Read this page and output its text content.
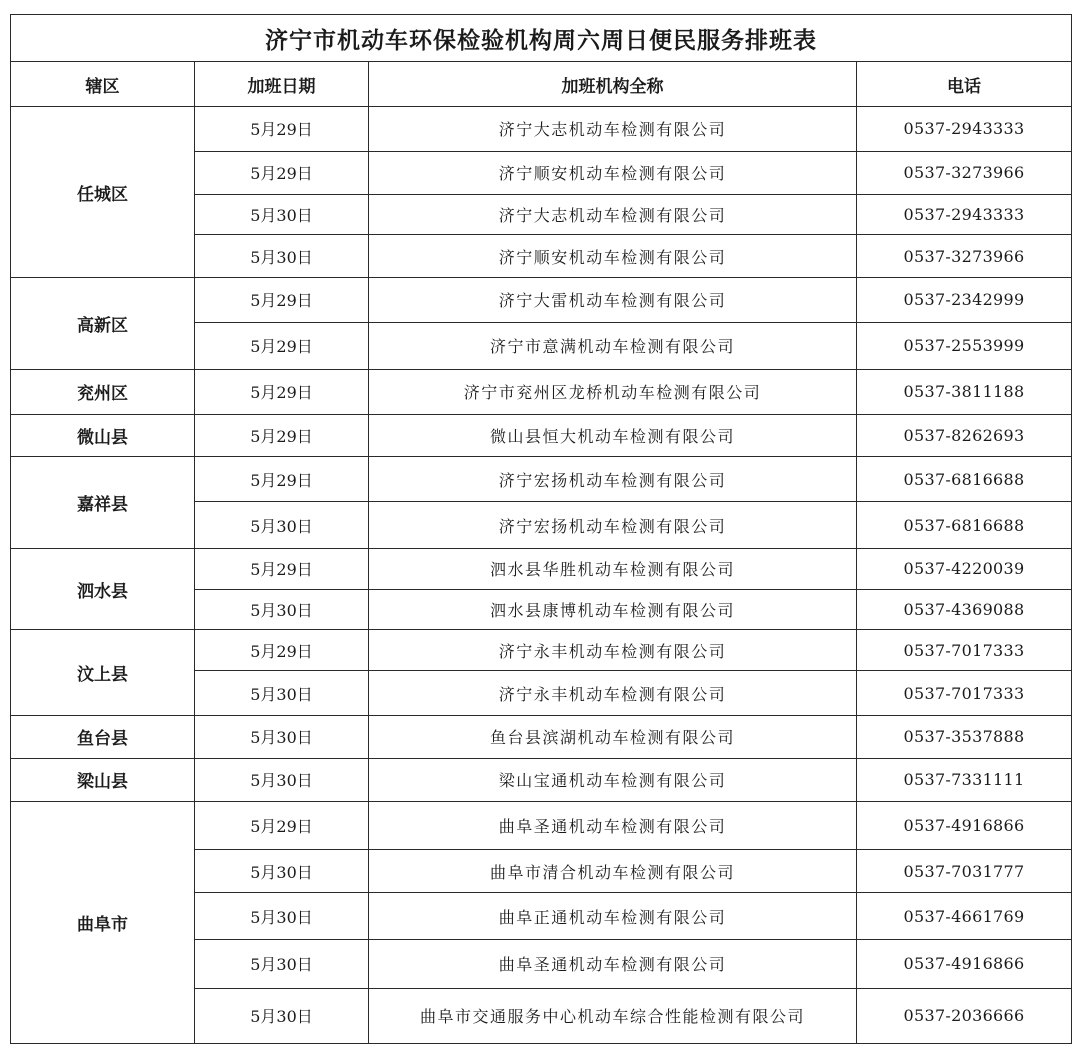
济宁市机动车环保检验机构周六周日便民服务排班表			
辖区	加班日期	加班机构全称	电话
任城区	5月29日	济宁大志机动车检测有限公司	0537-2943333
	5月29日	济宁顺安机动车检测有限公司	0537-3273966
	5月30日	济宁大志机动车检测有限公司	0537-2943333
	5月30日	济宁顺安机动车检测有限公司	0537-3273966
高新区	5月29日	济宁大雷机动车检测有限公司	0537-2342999
	5月29日	济宁市意满机动车检测有限公司	0537-2553999
兖州区	5月29日	济宁市兖州区龙桥机动车检测有限公司	0537-3811188
微山县	5月29日	微山县恒大机动车检测有限公司	0537-8262693
嘉祥县	5月29日	济宁宏扬机动车检测有限公司	0537-6816688
	5月30日	济宁宏扬机动车检测有限公司	0537-6816688
泗水县	5月29日	泗水县华胜机动车检测有限公司	0537-4220039
	5月30日	泗水县康博机动车检测有限公司	0537-4369088
汶上县	5月29日	济宁永丰机动车检测有限公司	0537-7017333
	5月30日	济宁永丰机动车检测有限公司	0537-7017333
鱼台县	5月30日	鱼台县滨湖机动车检测有限公司	0537-3537888
梁山县	5月30日	梁山宝通机动车检测有限公司	0537-7331111
曲阜市	5月29日	曲阜圣通机动车检测有限公司	0537-4916866
	5月30日	曲阜市清合机动车检测有限公司	0537-7031777
	5月30日	曲阜正通机动车检测有限公司	0537-4661769
	5月30日	曲阜圣通机动车检测有限公司	0537-4916866
	5月30日	曲阜市交通服务中心机动车综合性能检测有限公司	0537-2036666
